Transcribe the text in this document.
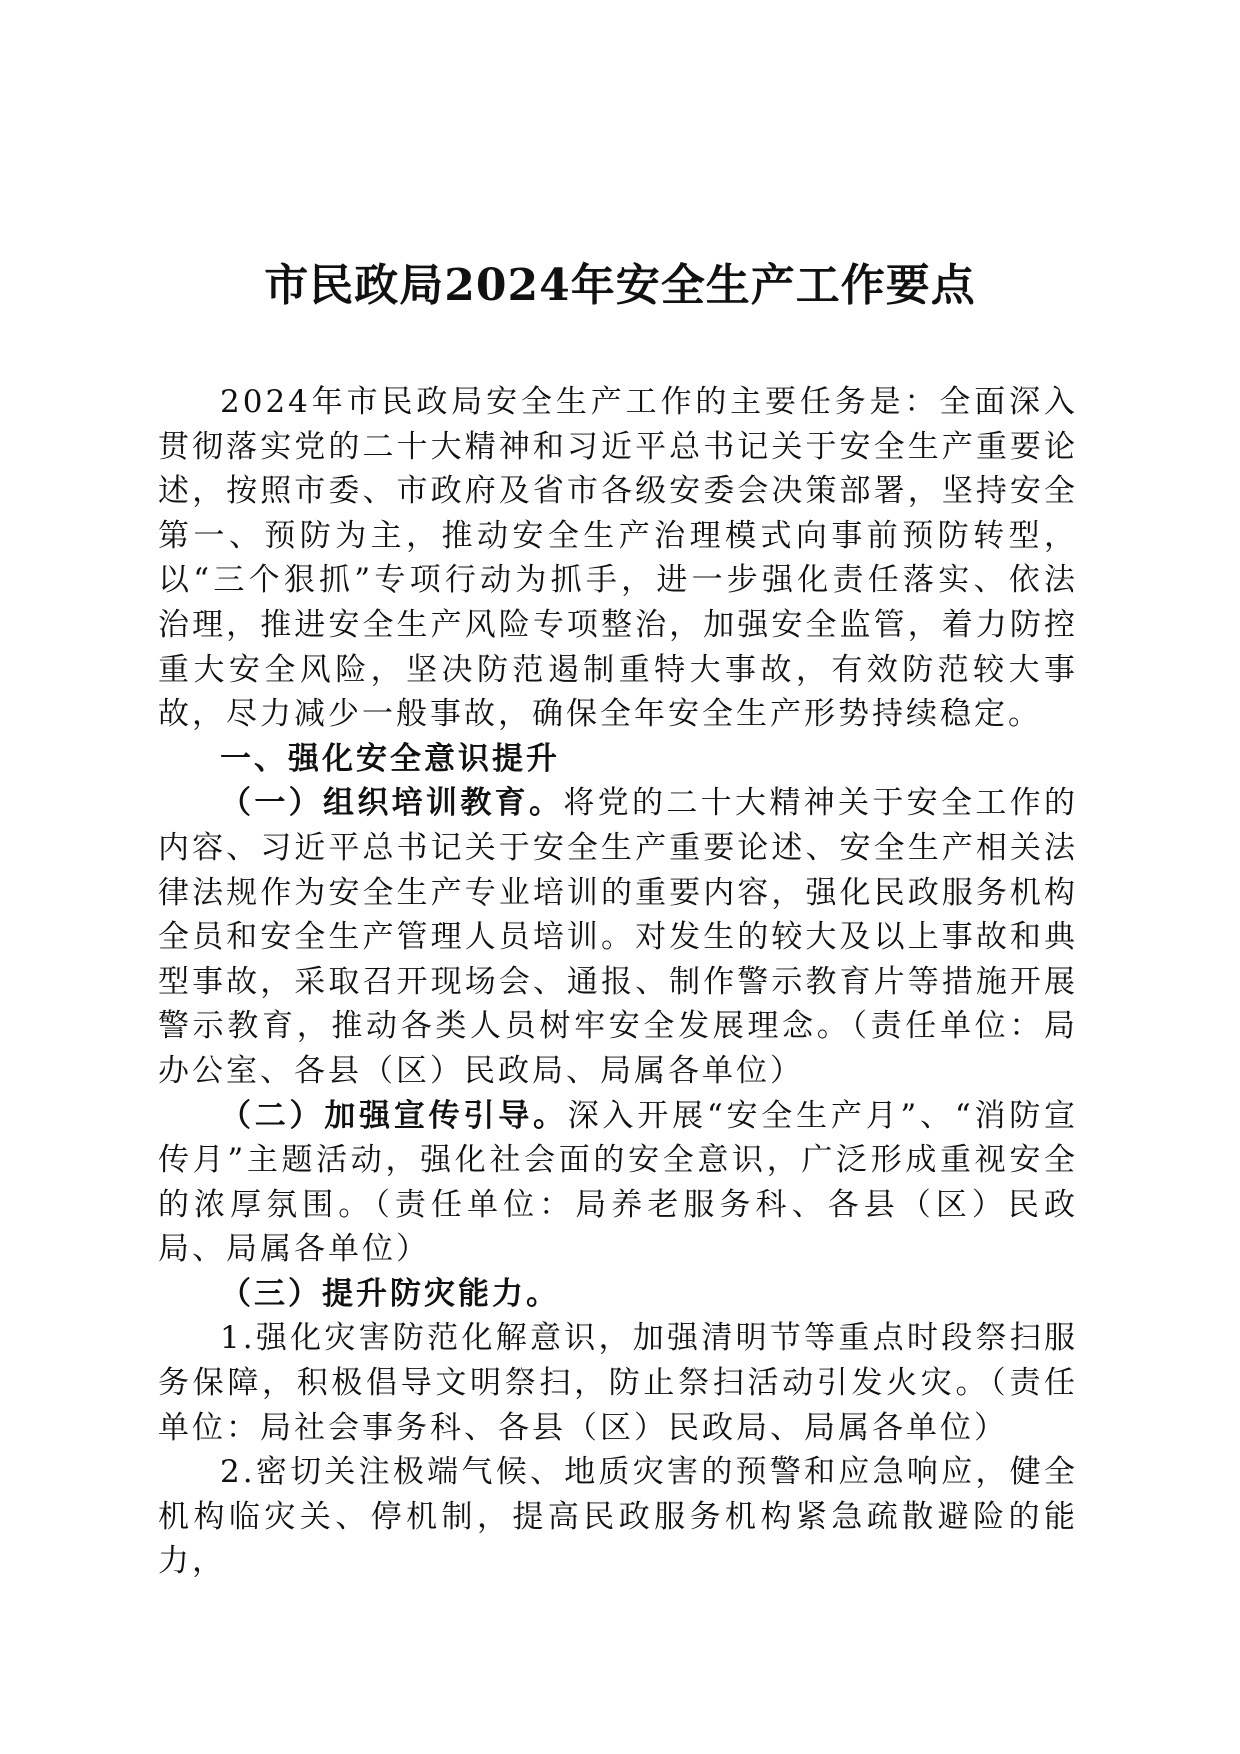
市民政局2024年安全生产工作要点

2024年市民政局安全生产工作的主要任务是：全面深入贯彻落实党的二十大精神和习近平总书记关于安全生产重要论述，按照市委、市政府及省市各级安委会决策部署，坚持安全第一、预防为主，推动安全生产治理模式向事前预防转型，以“三个狠抓”专项行动为抓手，进一步强化责任落实、依法治理，推进安全生产风险专项整治，加强安全监管，着力防控重大安全风险，坚决防范遏制重特大事故，有效防范较大事故，尽力减少一般事故，确保全年安全生产形势持续稳定。

一、强化安全意识提升

（一）组织培训教育。将党的二十大精神关于安全工作的内容、习近平总书记关于安全生产重要论述、安全生产相关法律法规作为安全生产专业培训的重要内容，强化民政服务机构全员和安全生产管理人员培训。对发生的较大及以上事故和典型事故，采取召开现场会、通报、制作警示教育片等措施开展警示教育，推动各类人员树牢安全发展理念。（责任单位：局办公室、各县（区）民政局、局属各单位）

（二）加强宣传引导。深入开展“安全生产月”、“消防宣传月”主题活动，强化社会面的安全意识，广泛形成重视安全的浓厚氛围。（责任单位：局养老服务科、各县（区）民政局、局属各单位）

（三）提升防灾能力。

1.强化灾害防范化解意识，加强清明节等重点时段祭扫服务保障，积极倡导文明祭扫，防止祭扫活动引发火灾。（责任单位：局社会事务科、各县（区）民政局、局属各单位）

2.密切关注极端气候、地质灾害的预警和应急响应，健全机构临灾关、停机制，提高民政服务机构紧急疏散避险的能力，
